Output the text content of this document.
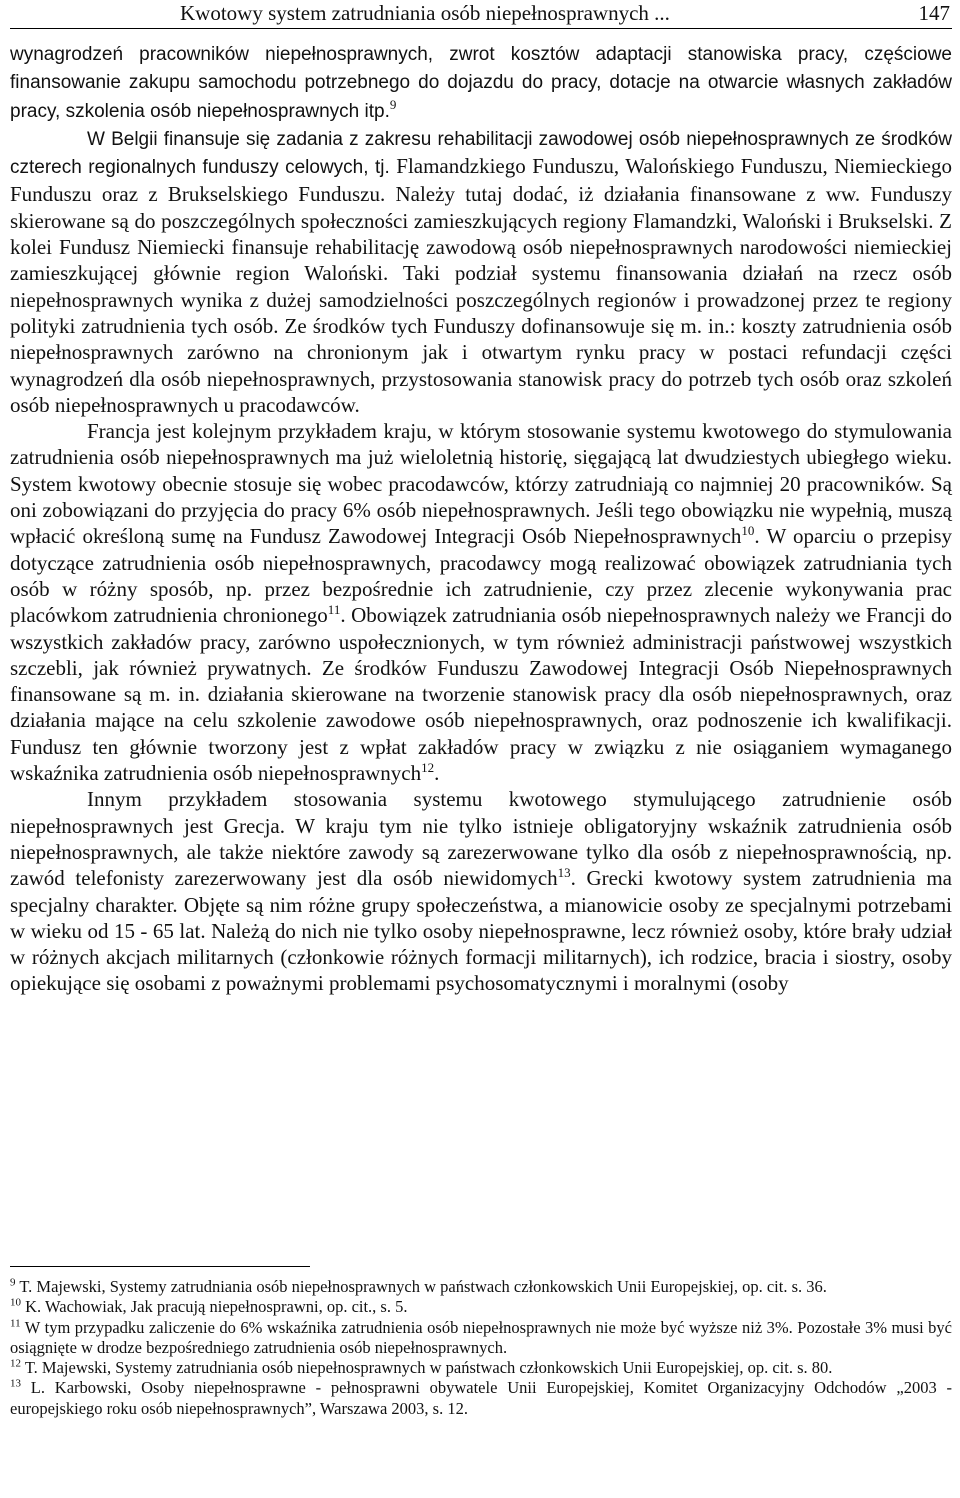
Kwotowy system zatrudniania osób niepełnosprawnych ...	147

wynagrodzeń pracowników niepełnosprawnych, zwrot kosztów adaptacji stanowiska pracy, częściowe finansowanie zakupu samochodu potrzebnego do dojazdu do pracy, dotacje na otwarcie własnych zakładów pracy, szkolenia osób niepełnosprawnych itp.$^9$

W Belgii finansuje się zadania z zakresu rehabilitacji zawodowej osób niepełnosprawnych ze środków czterech regionalnych funduszy celowych, tj. Flamandzkiego Funduszu, Walońskiego Funduszu, Niemieckiego Funduszu oraz z Brukselskiego Funduszu. Należy tutaj dodać, iż działania finansowane z ww. Funduszy skierowane są do poszczególnych społeczności zamieszkujących regiony Flamandzki, Waloński i Brukselski. Z kolei Fundusz Niemiecki finansuje rehabilitację zawodową osób niepełnosprawnych narodowości niemieckiej zamieszkującej głównie region Waloński. Taki podział systemu finansowania działań na rzecz osób niepełnosprawnych wynika z dużej samodzielności poszczególnych regionów i prowadzonej przez te regiony polityki zatrudnienia tych osób. Ze środków tych Funduszy dofinansowuje się m. in.: koszty zatrudnienia osób niepełnosprawnych zarówno na chronionym jak i otwartym rynku pracy w postaci refundacji części wynagrodzeń dla osób niepełnosprawnych, przystosowania stanowisk pracy do potrzeb tych osób oraz szkoleń osób niepełnosprawnych u pracodawców.

Francja jest kolejnym przykładem kraju, w którym stosowanie systemu kwotowego do stymulowania zatrudnienia osób niepełnosprawnych ma już wieloletnią historię, sięgającą lat dwudziestych ubiegłego wieku. System kwotowy obecnie stosuje się wobec pracodawców, którzy zatrudniają co najmniej 20 pracowników. Są oni zobowiązani do przyjęcia do pracy 6% osób niepełnosprawnych. Jeśli tego obowiązku nie wypełnią, muszą wpłacić określoną sumę na Fundusz Zawodowej Integracji Osób Niepełnosprawnych$^{10}$. W oparciu o przepisy dotyczące zatrudnienia osób niepełnosprawnych, pracodawcy mogą realizować obowiązek zatrudniania tych osób w różny sposób, np. przez bezpośrednie ich zatrudnienie, czy przez zlecenie wykonywania prac placówkom zatrudnienia chronionego$^{11}$. Obowiązek zatrudniania osób niepełnosprawnych należy we Francji do wszystkich zakładów pracy, zarówno uspołecznionych, w tym również administracji państwowej wszystkich szczebli, jak również prywatnych. Ze środków Funduszu Zawodowej Integracji Osób Niepełnosprawnych finansowane są m. in. działania skierowane na tworzenie stanowisk pracy dla osób niepełnosprawnych, oraz działania mające na celu szkolenie zawodowe osób niepełnosprawnych, oraz podnoszenie ich kwalifikacji. Fundusz ten głównie tworzony jest z wpłat zakładów pracy w związku z nie osiąganiem wymaganego wskaźnika zatrudnienia osób niepełnosprawnych$^{12}$.

Innym przykładem stosowania systemu kwotowego stymulującego zatrudnienie osób niepełnosprawnych jest Grecja. W kraju tym nie tylko istnieje obligatoryjny wskaźnik zatrudnienia osób niepełnosprawnych, ale także niektóre zawody są zarezerwowane tylko dla osób z niepełnosprawnością, np. zawód telefonisty zarezerwowany jest dla osób niewidomych$^{13}$. Grecki kwotowy system zatrudnienia ma specjalny charakter. Objęte są nim różne grupy społeczeństwa, a mianowicie osoby ze specjalnymi potrzebami w wieku od 15 - 65 lat. Należą do nich nie tylko osoby niepełnosprawne, lecz również osoby, które brały udział w różnych akcjach militarnych (członkowie różnych formacji militarnych), ich rodzice, bracia i siostry, osoby opiekujące się osobami z poważnymi problemami psychosomatycznymi i moralnymi (osoby

$^9$ T. Majewski, Systemy zatrudniania osób niepełnosprawnych w państwach członkowskich Unii Europejskiej, op. cit. s. 36.

$^{10}$ K. Wachowiak, Jak pracują niepełnosprawni, op. cit., s. 5.

$^{11}$ W tym przypadku zaliczenie do 6% wskaźnika zatrudnienia osób niepełnosprawnych nie może być wyższe niż 3%. Pozostałe 3% musi być osiągnięte w drodze bezpośredniego zatrudnienia osób niepełnosprawnych.

$^{12}$ T. Majewski, Systemy zatrudniania osób niepełnosprawnych w państwach członkowskich Unii Europejskiej, op. cit. s. 80.

$^{13}$ L. Karbowski, Osoby niepełnosprawne - pełnosprawni obywatele Unii Europejskiej, Komitet Organizacyjny Odchodów „2003 - europejskiego roku osób niepełnosprawnych”, Warszawa 2003, s. 12.
